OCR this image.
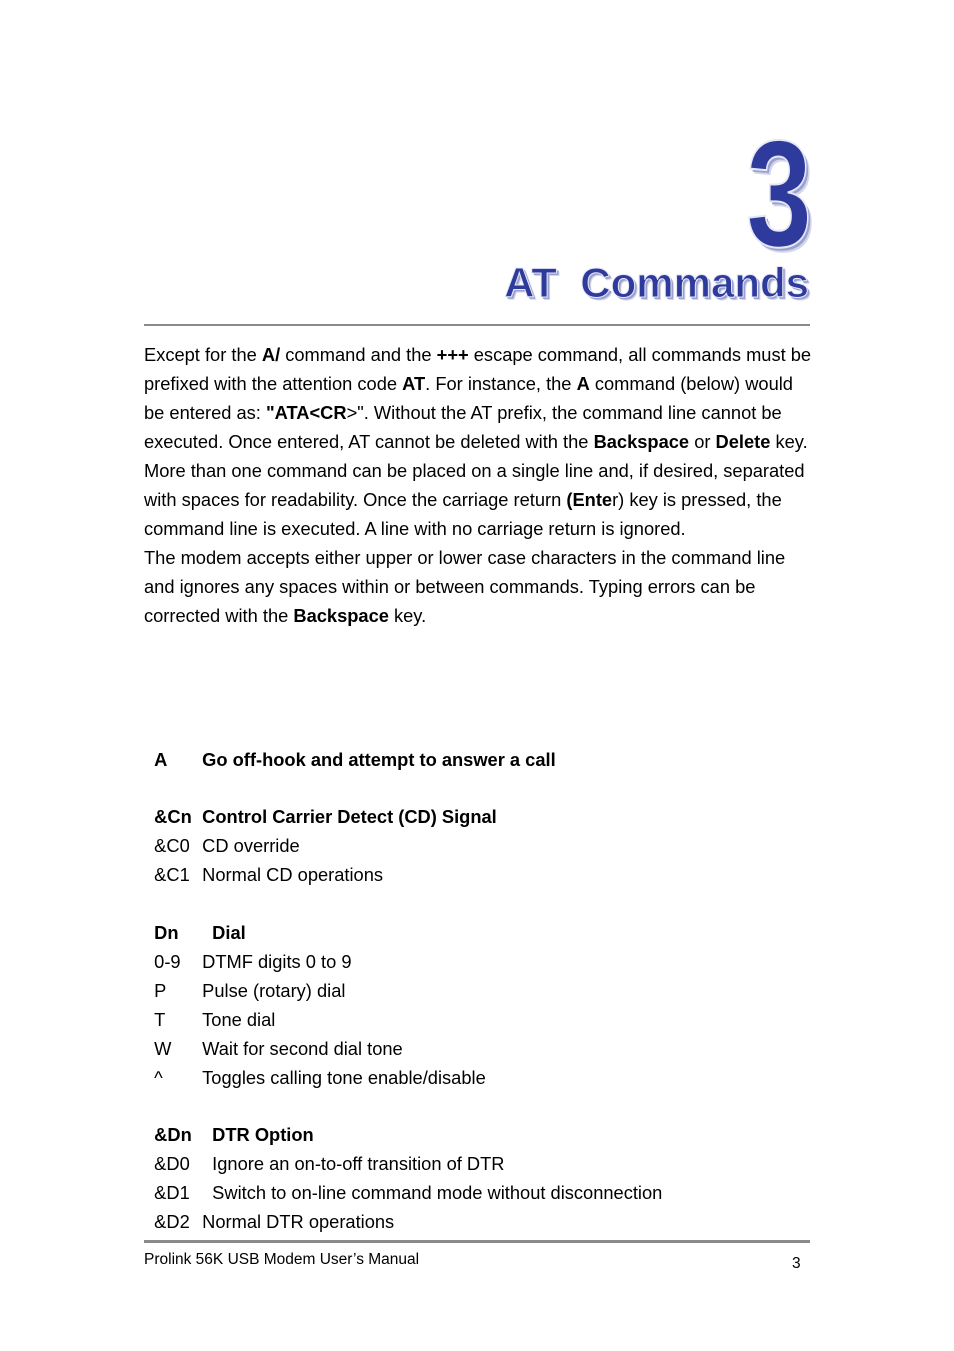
3
AT  Commands

Except for the A/ command and the +++ escape command, all commands must be prefixed with the attention code AT. For instance, the A command (below) would be entered as: "ATA<CR>". Without the AT prefix, the command line cannot be executed. Once entered, AT cannot be deleted with the Backspace or Delete key.

More than one command can be placed on a single line and, if desired, separated with spaces for readability. Once the carriage return (Enter) key is pressed, the command line is executed. A line with no carriage return is ignored.

The modem accepts either upper or lower case characters in the command line and ignores any spaces within or between commands. Typing errors can be corrected with the Backspace key.

A Go off-hook and attempt to answer a call

&Cn Control Carrier Detect (CD) Signal

&C0 CD override

&C1 Normal CD operations

Dn Dial

0-9 DTMF digits 0 to 9

P Pulse (rotary) dial

T Tone dial

W Wait for second dial tone

^ Toggles calling tone enable/disable

&Dn DTR Option

&D0 Ignore an on-to-off transition of DTR

&D1 Switch to on-line command mode without disconnection

&D2 Normal DTR operations

Prolink 56K USB Modem User’s Manual	3
